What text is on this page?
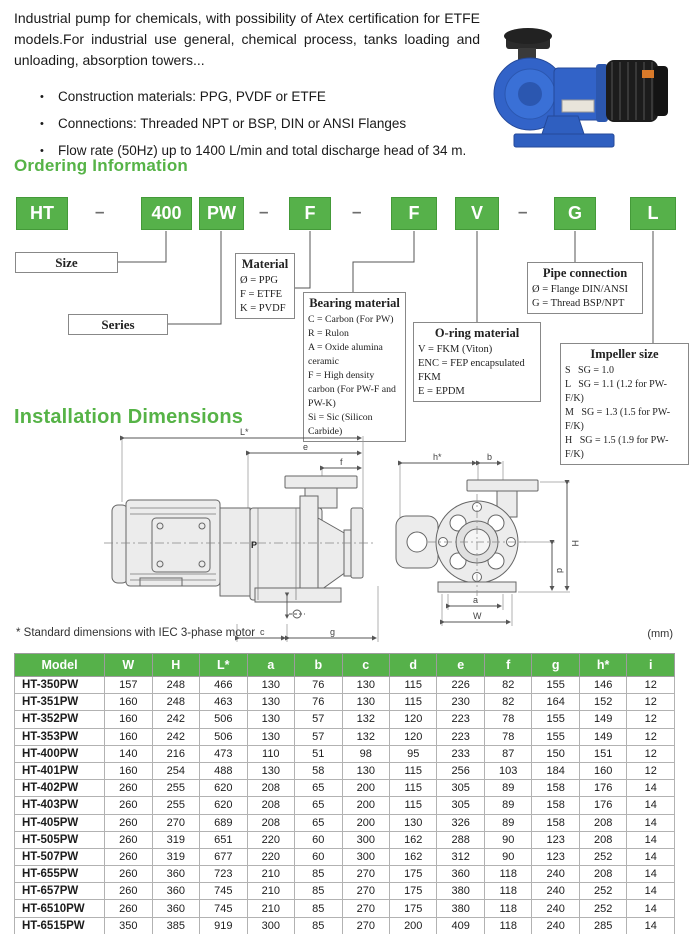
Industrial pump for chemicals, with possibility of Atex certification for ETFE models.For industrial use general, chemical process, tanks loading and unloading, absorption towers...
•	Construction materials: PPG, PVDF or ETFE
•	Connections: Threaded NPT or BSP, DIN or ANSI Flanges
•	Flow rate (50Hz) up to 1400 L/min and total discharge head of 34 m.
Ordering Information
HT	–	400	PW	–	F	–	F	V	–	G	L
Size
Series
Material
Ø = PPG
F = ETFE
K = PVDF	Bearing material
C = Carbon (For PW)
R = Rulon
A = Oxide alumina ceramic
F = High density carbon (For PW-F and PW-K)
Si = Sic (Silicon Carbide)
O-ring material
V = FKM (Viton)
ENC = FEP encapsulated FKM
E = EPDM
Pipe connection
Ø = Flange DIN/ANSI
G = Thread BSP/NPT
Impeller size
S   SG = 1.0
L   SG = 1.1 (1.2 for PW-F/K)
M   SG = 1.3 (1.5 for PW-F/K)
H   SG = 1.5 (1.9 for PW-F/K)
Installation Dimensions
L*
e
f
P
c	g
h*	b
H
d
a
W
* Standard dimensions with IEC 3-phase motor	(mm)
Model	W	H	L*	a	b	c	d	e	f	g	h*	i
HT-350PW	157	248	466	130	76	130	115	226	82	155	146	12
HT-351PW	160	248	463	130	76	130	115	230	82	164	152	12
HT-352PW	160	242	506	130	57	132	120	223	78	155	149	12
HT-353PW	160	242	506	130	57	132	120	223	78	155	149	12
HT-400PW	140	216	473	110	51	98	95	233	87	150	151	12
HT-401PW	160	254	488	130	58	130	115	256	103	184	160	12
HT-402PW	260	255	620	208	65	200	115	305	89	158	176	14
HT-403PW	260	255	620	208	65	200	115	305	89	158	176	14
HT-405PW	260	270	689	208	65	200	130	326	89	158	208	14
HT-505PW	260	319	651	220	60	300	162	288	90	123	208	14
HT-507PW	260	319	677	220	60	300	162	312	90	123	252	14
HT-655PW	260	360	723	210	85	270	175	360	118	240	208	14
HT-657PW	260	360	745	210	85	270	175	380	118	240	252	14
HT-6510PW	260	360	745	210	85	270	175	380	118	240	252	14
HT-6515PW	350	385	919	300	85	270	200	409	118	240	285	14
